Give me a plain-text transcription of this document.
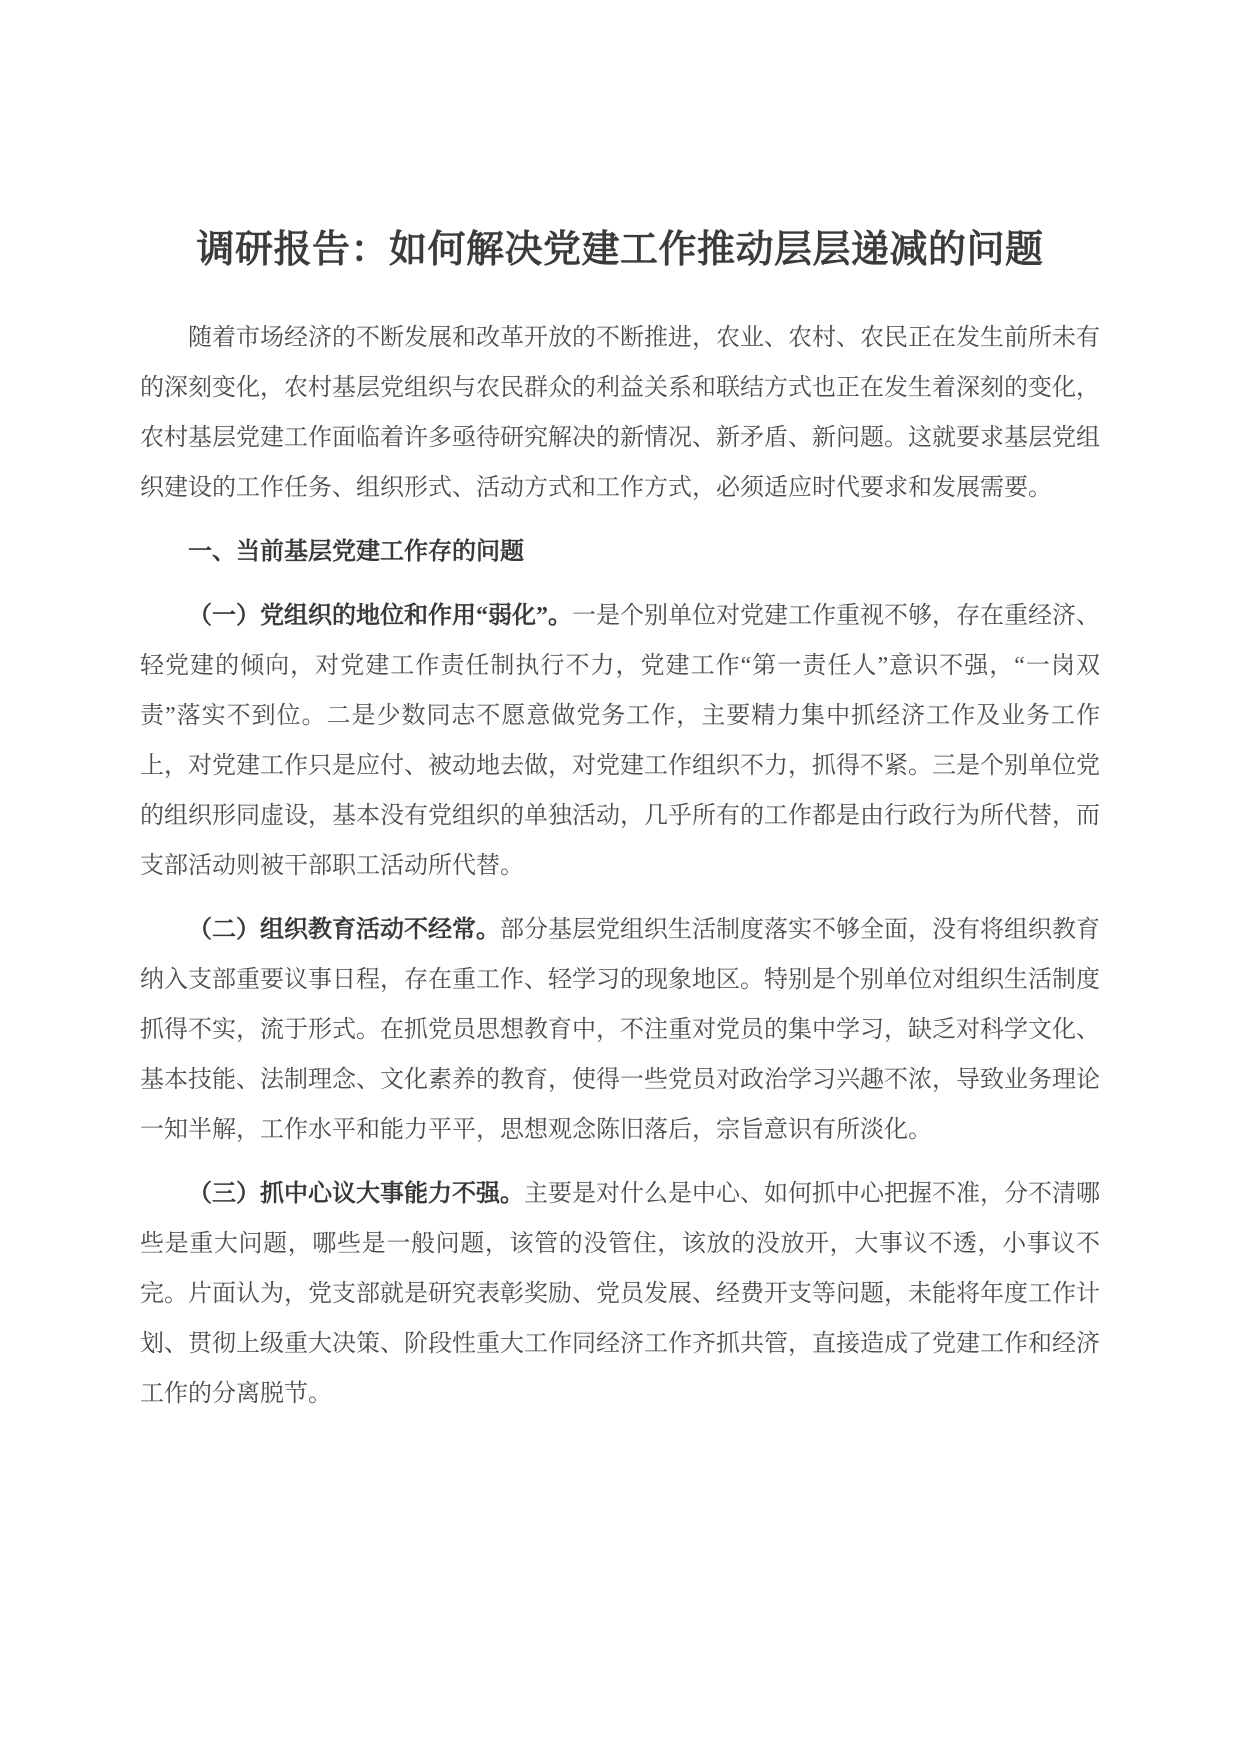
调研报告：如何解决党建工作推动层层递减的问题

随着市场经济的不断发展和改革开放的不断推进，农业、农村、农民正在发生前所未有的深刻变化，农村基层党组织与农民群众的利益关系和联结方式也正在发生着深刻的变化，农村基层党建工作面临着许多亟待研究解决的新情况、新矛盾、新问题。这就要求基层党组织建设的工作任务、组织形式、活动方式和工作方式，必须适应时代要求和发展需要。

一、当前基层党建工作存的问题

（一）党组织的地位和作用“弱化”。一是个别单位对党建工作重视不够，存在重经济、轻党建的倾向，对党建工作责任制执行不力，党建工作“第一责任人”意识不强，“一岗双责”落实不到位。二是少数同志不愿意做党务工作，主要精力集中抓经济工作及业务工作上，对党建工作只是应付、被动地去做，对党建工作组织不力，抓得不紧。三是个别单位党的组织形同虚设，基本没有党组织的单独活动，几乎所有的工作都是由行政行为所代替，而支部活动则被干部职工活动所代替。

（二）组织教育活动不经常。部分基层党组织生活制度落实不够全面，没有将组织教育纳入支部重要议事日程，存在重工作、轻学习的现象地区。特别是个别单位对组织生活制度抓得不实，流于形式。在抓党员思想教育中，不注重对党员的集中学习，缺乏对科学文化、基本技能、法制理念、文化素养的教育，使得一些党员对政治学习兴趣不浓，导致业务理论一知半解，工作水平和能力平平，思想观念陈旧落后，宗旨意识有所淡化。

（三）抓中心议大事能力不强。主要是对什么是中心、如何抓中心把握不准，分不清哪些是重大问题，哪些是一般问题，该管的没管住，该放的没放开，大事议不透，小事议不完。片面认为，党支部就是研究表彰奖励、党员发展、经费开支等问题，未能将年度工作计划、贯彻上级重大决策、阶段性重大工作同经济工作齐抓共管，直接造成了党建工作和经济工作的分离脱节。
